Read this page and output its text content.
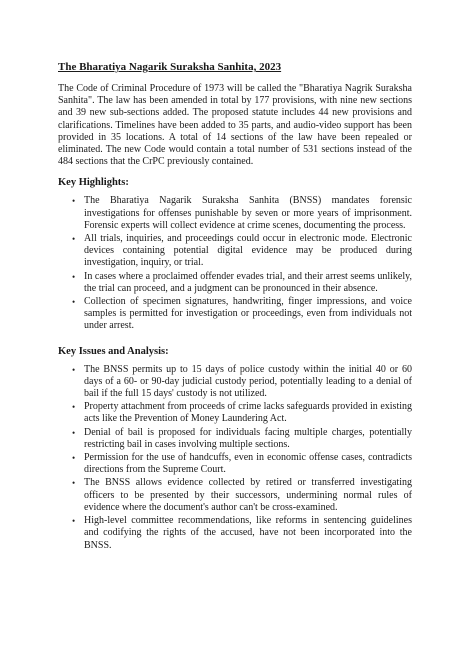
The Bharatiya Nagarik Suraksha Sanhita, 2023

The Code of Criminal Procedure of 1973 will be called the "Bharatiya Nagrik Suraksha Sanhita". The law has been amended in total by 177 provisions, with nine new sections and 39 new sub-sections added. The proposed statute includes 44 new provisions and clarifications. Timelines have been added to 35 parts, and audio-video support has been provided in 35 locations. A total of 14 sections of the law have been repealed or eliminated. The new Code would contain a total number of 531 sections instead of the 484 sections that the CrPC previously contained.

Key Highlights:
• The Bharatiya Nagarik Suraksha Sanhita (BNSS) mandates forensic investigations for offenses punishable by seven or more years of imprisonment. Forensic experts will collect evidence at crime scenes, documenting the process.
• All trials, inquiries, and proceedings could occur in electronic mode. Electronic devices containing potential digital evidence may be produced during investigation, inquiry, or trial.
• In cases where a proclaimed offender evades trial, and their arrest seems unlikely, the trial can proceed, and a judgment can be pronounced in their absence.
• Collection of specimen signatures, handwriting, finger impressions, and voice samples is permitted for investigation or proceedings, even from individuals not under arrest.
Key Issues and Analysis:
• The BNSS permits up to 15 days of police custody within the initial 40 or 60 days of a 60- or 90-day judicial custody period, potentially leading to a denial of bail if the full 15 days' custody is not utilized.
• Property attachment from proceeds of crime lacks safeguards provided in existing acts like the Prevention of Money Laundering Act.
• Denial of bail is proposed for individuals facing multiple charges, potentially restricting bail in cases involving multiple sections.
• Permission for the use of handcuffs, even in economic offense cases, contradicts directions from the Supreme Court.
• The BNSS allows evidence collected by retired or transferred investigating officers to be presented by their successors, undermining normal rules of evidence where the document's author can't be cross-examined.
• High-level committee recommendations, like reforms in sentencing guidelines and codifying the rights of the accused, have not been incorporated into the BNSS.
